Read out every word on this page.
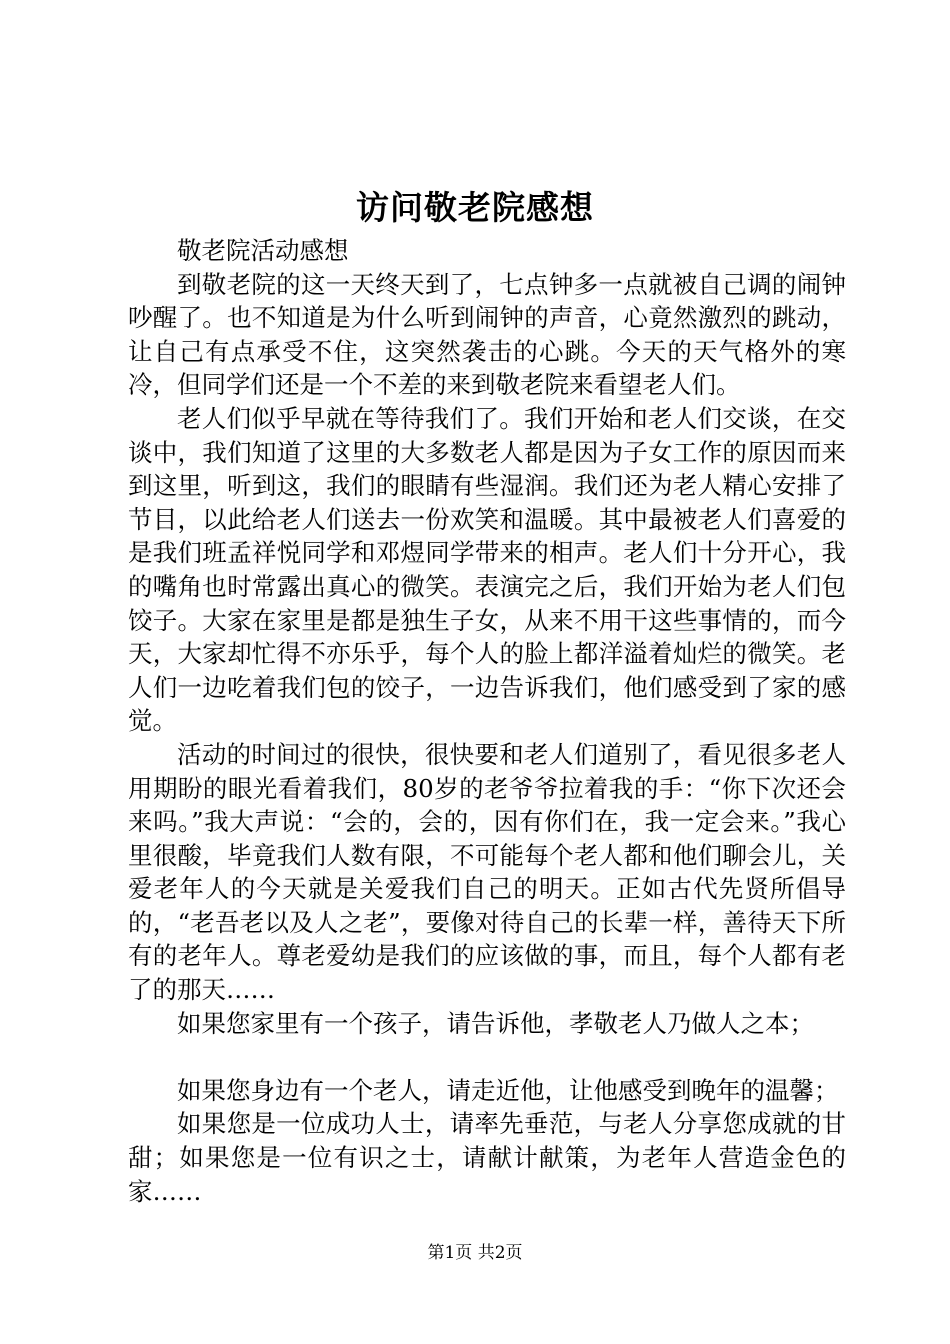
访问敬老院感想

敬老院活动感想

到敬老院的这一天终天到了，七点钟多一点就被自己调的闹钟吵醒了。也不知道是为什么听到闹钟的声音，心竟然激烈的跳动，让自己有点承受不住，这突然袭击的心跳。今天的天气格外的寒冷，但同学们还是一个不差的来到敬老院来看望老人们。

老人们似乎早就在等待我们了。我们开始和老人们交谈，在交谈中，我们知道了这里的大多数老人都是因为子女工作的原因而来到这里，听到这，我们的眼睛有些湿润。我们还为老人精心安排了节目，以此给老人们送去一份欢笑和温暖。其中最被老人们喜爱的是我们班孟祥悦同学和邓煜同学带来的相声。老人们十分开心，我的嘴角也时常露出真心的微笑。表演完之后，我们开始为老人们包饺子。大家在家里是都是独生子女，从来不用干这些事情的，而今天，大家却忙得不亦乐乎，每个人的脸上都洋溢着灿烂的微笑。老人们一边吃着我们包的饺子，一边告诉我们，他们感受到了家的感觉。

活动的时间过的很快，很快要和老人们道别了，看见很多老人用期盼的眼光看着我们，80岁的老爷爷拉着我的手：“你下次还会来吗。”我大声说：“会的，会的，因有你们在，我一定会来。”我心里很酸，毕竟我们人数有限，不可能每个老人都和他们聊会儿，关爱老年人的今天就是关爱我们自己的明天。正如古代先贤所倡导的，“老吾老以及人之老”，要像对待自己的长辈一样，善待天下所有的老年人。尊老爱幼是我们的应该做的事，而且，每个人都有老了的那天……

如果您家里有一个孩子，请告诉他，孝敬老人乃做人之本；

如果您身边有一个老人，请走近他，让他感受到晚年的温馨；

如果您是一位成功人士，请率先垂范，与老人分享您成就的甘甜；如果您是一位有识之士，请献计献策，为老年人营造金色的家……

第1页 共2页
